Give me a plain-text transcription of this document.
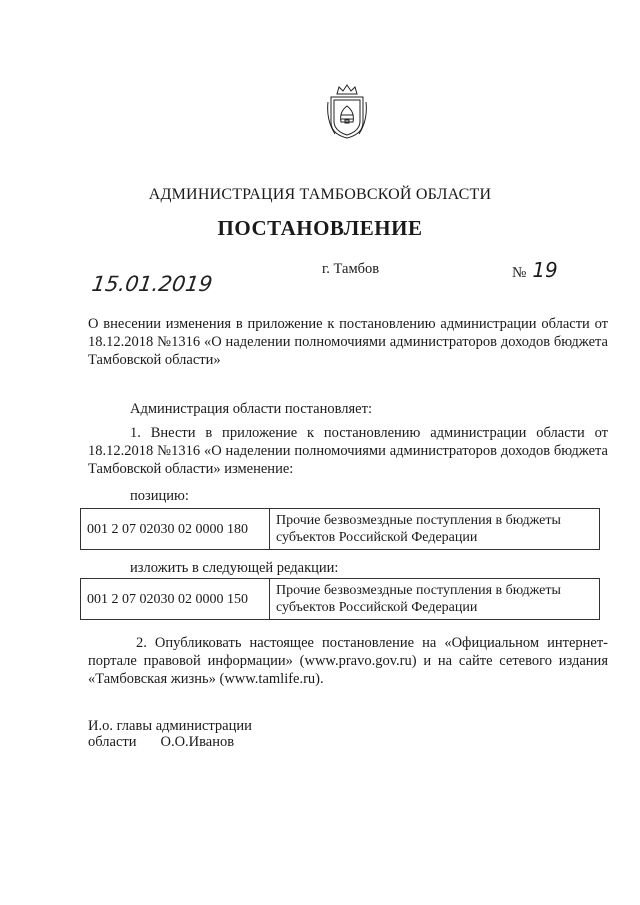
АДМИНИСТРАЦИЯ ТАМБОВСКОЙ ОБЛАСТИ
ПОСТАНОВЛЕНИЕ
15.01.2019
г. Тамбов	№ 19
О внесении изменения в приложение к постановлению администрации области от 18.12.2018 №1316 «О наделении полномочиями администраторов доходов бюджета Тамбовской области»
Администрация области постановляет:
1. Внести в приложение к постановлению администрации области от 18.12.2018 №1316 «О наделении полномочиями администраторов доходов бюджета Тамбовской области» изменение:
позицию:
001 2 07 02030 02 0000 180	Прочие безвозмездные поступления в бюджеты субъектов Российской Федерации
изложить в следующей редакции:
001 2 07 02030 02 0000 150	Прочие безвозмездные поступления в бюджеты субъектов Российской Федерации
2. Опубликовать настоящее постановление на «Официальном интернет-портале правовой информации» (www.pravo.gov.ru) и на сайте сетевого издания «Тамбовская жизнь» (www.tamlife.ru).
И.о. главы администрации
области О.О.Иванов
